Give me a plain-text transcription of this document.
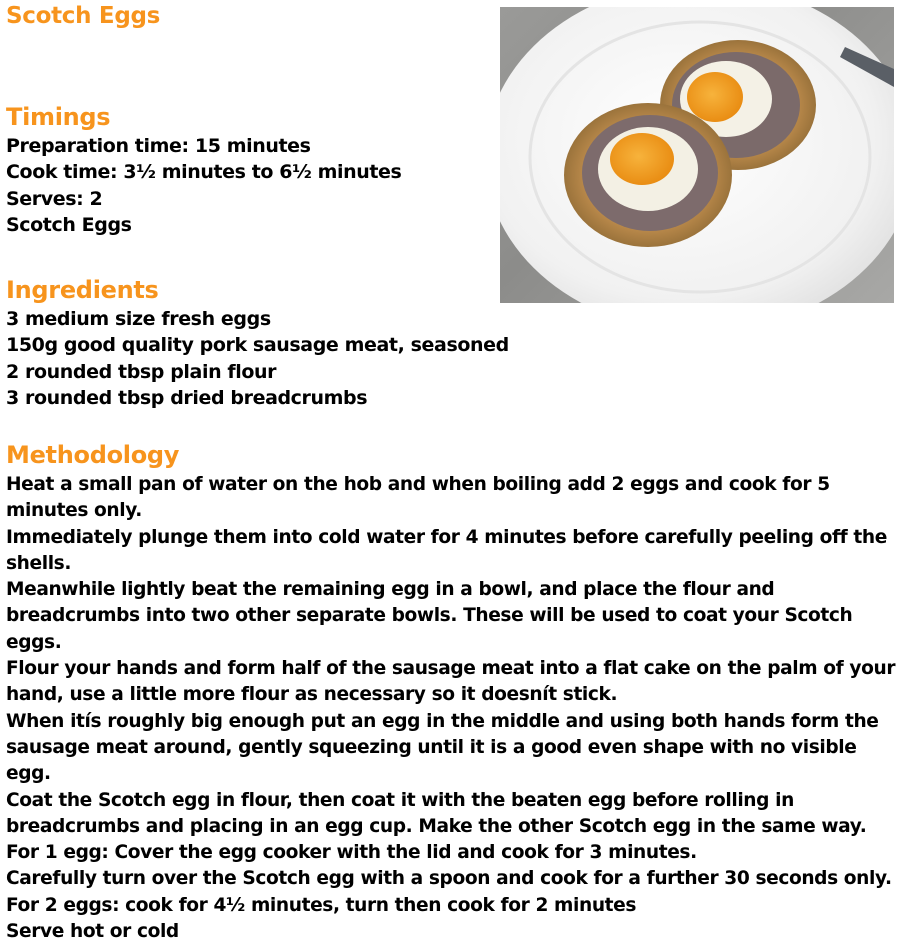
Scotch Eggs
Timings
Preparation time: 15 minutes
Cook time: 3½ minutes to 6½ minutes
Serves: 2
Scotch Eggs
Ingredients
3 medium size fresh eggs
150g good quality pork sausage meat, seasoned
2 rounded tbsp plain flour
3 rounded tbsp dried breadcrumbs
Methodology
Heat a small pan of water on the hob and when boiling add 2 eggs and cook for 5 minutes only.
Immediately plunge them into cold water for 4 minutes before carefully peeling off the shells.
Meanwhile lightly beat the remaining egg in a bowl, and place the flour and breadcrumbs into two other separate bowls. These will be used to coat your Scotch eggs.
Flour your hands and form half of the sausage meat into a flat cake on the palm of your hand, use a little more flour as necessary so it doesnít stick.
When itís roughly big enough put an egg in the middle and using both hands form the sausage meat around, gently squeezing until it is a good even shape with no visible egg.
Coat the Scotch egg in flour, then coat it with the beaten egg before rolling in breadcrumbs and placing in an egg cup. Make the other Scotch egg in the same way.
For 1 egg: Cover the egg cooker with the lid and cook for 3 minutes.
Carefully turn over the Scotch egg with a spoon and cook for a further 30 seconds only.
For 2 eggs: cook for 4½ minutes, turn then cook for 2 minutes
Serve hot or cold
